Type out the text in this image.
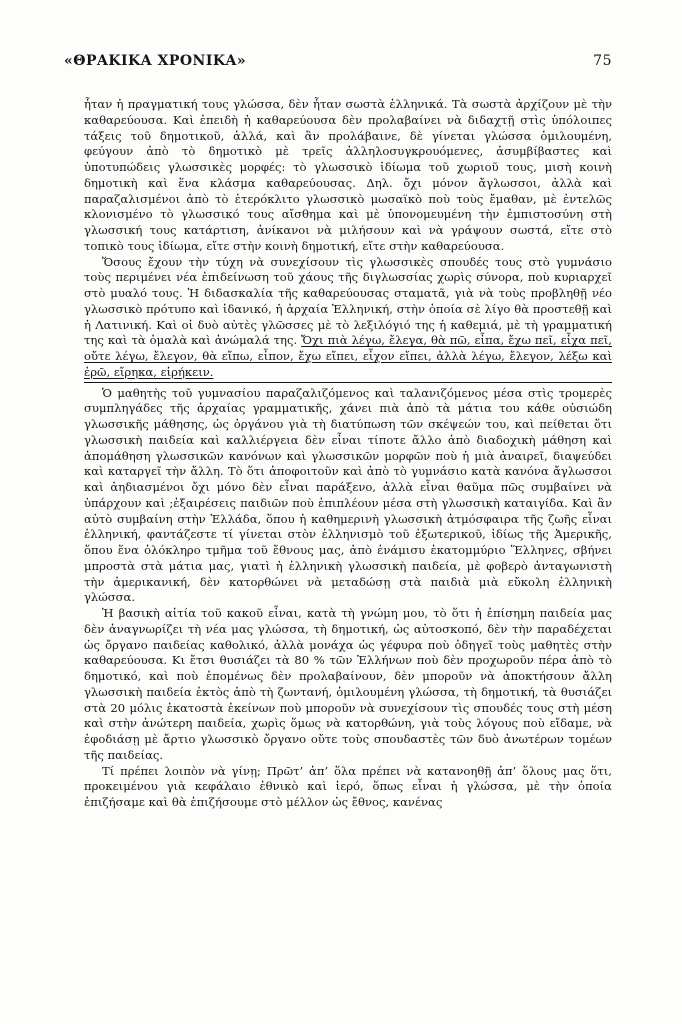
«ΘΡΑΚΙΚΑ ΧΡΟΝΙΚΑ»	75

ἦταν ἡ πραγματική τους γλώσσα, δὲν ἦταν σωστὰ ἑλληνικά. Τὰ σωστὰ ἀρχίζουν μὲ τὴν καθαρεύουσα. Καὶ ἐπειδὴ ἡ καθαρεύουσα δὲν προλαβαίνει νὰ διδαχτῇ στὶς ὑπόλοιπες τάξεις τοῦ δημοτικοῦ, ἀλλά, καὶ ἂν προλάβαινε, δὲ γίνεται γλώσσα ὁμιλουμένη, φεύγουν ἀπὸ τὸ δημοτικὸ μὲ τρεῖς ἀλληλοσυγκρουόμενες, ἀσυμβίβαστες καὶ ὑποτυπώδεις γλωσσικὲς μορφές: τὸ γλωσσικὸ ἰδίωμα τοῦ χωριοῦ τους, μισὴ κοινὴ δημοτικὴ καὶ ἕνα κλάσμα καθαρεύουσας. Δηλ. ὄχι μόνον ἄγλωσσοι, ἀλλὰ καὶ παραζαλισμένοι ἀπὸ τὸ ἑτερόκλιτο γλωσσικὸ μωσαϊκὸ ποὺ τοὺς ἔμαθαν, μὲ ἐντελῶς κλονισμένο τὸ γλωσσικό τους αἴσθημα καὶ μὲ ὑπονομευμένη τὴν ἐμπιστοσύνη στὴ γλωσσική τους κατάρτιση, ἀνίκανοι νὰ μιλήσουν καὶ νὰ γράψουν σωστά, εἴτε στὸ τοπικὸ τους ἰδίωμα, εἴτε στὴν κοινὴ δημοτική, εἴτε στὴν καθαρεύουσα.

Ὅσους ἔχουν τὴν τύχη νὰ συνεχίσουν τὶς γλωσσικὲς σπουδές τους στὸ γυμνάσιο τοὺς περιμένει νέα ἐπιδείνωση τοῦ χάους τῆς διγλωσσίας χωρὶς σύνορα, ποὺ κυριαρχεῖ στὸ μυαλό τους. Ἡ διδασκαλία τῆς καθαρεύουσας σταματᾶ, γιὰ νὰ τοὺς προβληθῇ νέο γλωσσικὸ πρότυπο καὶ ἰδανικό, ἡ ἀρχαία Ἑλληνική, στὴν ὁποία σὲ λίγο θὰ προστεθῇ καὶ ἡ Λατινική. Καὶ οἱ δυὸ αὐτὲς γλῶσσες μὲ τὸ λεξιλόγιό της ἡ καθεμιά, μὲ τὴ γραμματική της καὶ τὰ ὁμαλὰ καὶ ἀνώμαλά της. Ὄχι πιὰ λέγω, ἔλεγα, θὰ πῶ, εἶπα, ἔχω πεῖ, εἶχα πεῖ, οὔτε λέγω, ἔλεγον, θὰ εἴπω, εἶπον, ἔχω εἴπει, εἶχον εἴπει, ἀλλὰ λέγω, ἔλεγον, λέξω καὶ ἐρῶ, εἴρηκα, εἰρήκειν.

Ὁ μαθητὴς τοῦ γυμνασίου παραζαλιζόμενος καὶ ταλανιζόμενος μέσα στὶς τρομερὲς συμπληγάδες τῆς ἀρχαίας γραμματικῆς, χάνει πιὰ ἀπὸ τὰ μάτια του κάθε οὐσιώδη γλωσσικῆς μάθησης, ὡς ὀργάνου γιὰ τὴ διατύπωση τῶν σκέψεών του, καὶ πείθεται ὅτι γλωσσικὴ παιδεία καὶ καλλιέργεια δὲν εἶναι τίποτε ἄλλο ἀπὸ διαδοχικὴ μάθηση καὶ ἀπομάθηση γλωσσικῶν κανόνων καὶ γλωσσικῶν μορφῶν ποὺ ἡ μιὰ ἀναιρεῖ, διαψεύδει καὶ καταργεῖ τὴν ἄλλη. Τὸ ὅτι ἀποφοιτοῦν καὶ ἀπὸ τὸ γυμνάσιο κατὰ κανόνα ἄγλωσσοι καὶ ἀηδιασμένοι ὄχι μόνο δὲν εἶναι παράξενο, ἀλλὰ εἶναι θαῦμα πῶς συμβαίνει νὰ ὑπάρχουν καὶ ;ἐξαιρέσεις παιδιῶν ποὺ ἐπιπλέουν μέσα στὴ γλωσσικὴ καταιγίδα. Καὶ ἂν αὐτὸ συμβαίνη στὴν Ἑλλάδα, ὅπου ἡ καθημερινὴ γλωσσικὴ ἀτμόσφαιρα τῆς ζωῆς εἶναι ἑλληνική, φαντάζεστε τί γίνεται στὸν ἑλληνισμὸ τοῦ ἐξωτερικοῦ, ἰδίως τῆς Ἀμερικῆς, ὅπου ἕνα ὁλόκληρο τμῆμα τοῦ ἔθνους μας, ἀπὸ ἐνάμισυ ἑκατομμύριο Ἕλληνες, σβήνει μπροστὰ στὰ μάτια μας, γιατὶ ἡ ἑλληνικὴ γλωσσικὴ παιδεία, μὲ φοβερὸ ἀνταγωνιστὴ τὴν ἀμερικανική, δὲν κατορθώνει νὰ μεταδώσῃ στὰ παιδιὰ μιὰ εὔκολη ἑλληνικὴ γλώσσα.

Ἡ βασικὴ αἰτία τοῦ κακοῦ εἶναι, κατὰ τὴ γνώμη μου, τὸ ὅτι ἡ ἐπίσημη παιδεία μας δὲν ἀναγνωρίζει τὴ νέα μας γλώσσα, τὴ δημοτική, ὡς αὐτοσκοπό, δὲν τὴν παραδέχεται ὡς ὄργανο παιδείας καθολικό, ἀλλὰ μονάχα ὡς γέφυρα ποὺ ὁδηγεῖ τοὺς μαθητὲς στὴν καθαρεύουσα. Κι ἔτσι θυσιάζει τὰ 80 % τῶν Ἑλλήνων ποὺ δὲν προχωροῦν πέρα ἀπὸ τὸ δημοτικό, καὶ ποὺ ἑπομένως δὲν προλαβαίνουν, δὲν μποροῦν νὰ ἀποκτήσουν ἄλλη γλωσσικὴ παιδεία ἐκτὸς ἀπὸ τὴ ζωντανή, ὁμιλουμένη γλώσσα, τὴ δημοτική, τὰ θυσιάζει στὰ 20 μόλις ἑκατοστὰ ἐκείνων ποὺ μποροῦν νὰ συνεχίσουν τὶς σπουδές τους στὴ μέση καὶ στὴν ἀνώτερη παιδεία, χωρὶς ὅμως νὰ κατορθώνη, γιὰ τοὺς λόγους ποὺ εἴδαμε, νὰ ἐφοδιάσῃ μὲ ἄρτιο γλωσσικὸ ὄργανο οὔτε τοὺς σπουδαστὲς τῶν δυὸ ἀνωτέρων τομέων τῆς παιδείας.

Τί πρέπει λοιπὸν νὰ γίνῃ; Πρῶτ’ ἀπ’ ὅλα πρέπει νὰ κατανοηθῇ ἀπ’ ὅλους μας ὅτι, προκειμένου γιὰ κεφάλαιο ἐθνικὸ καὶ ἱερό, ὅπως εἶναι ἡ γλώσσα, μὲ τὴν ὁποία ἐπιζήσαμε καὶ θὰ ἐπιζήσουμε στὸ μέλλον ὡς ἔθνος, κανένας
